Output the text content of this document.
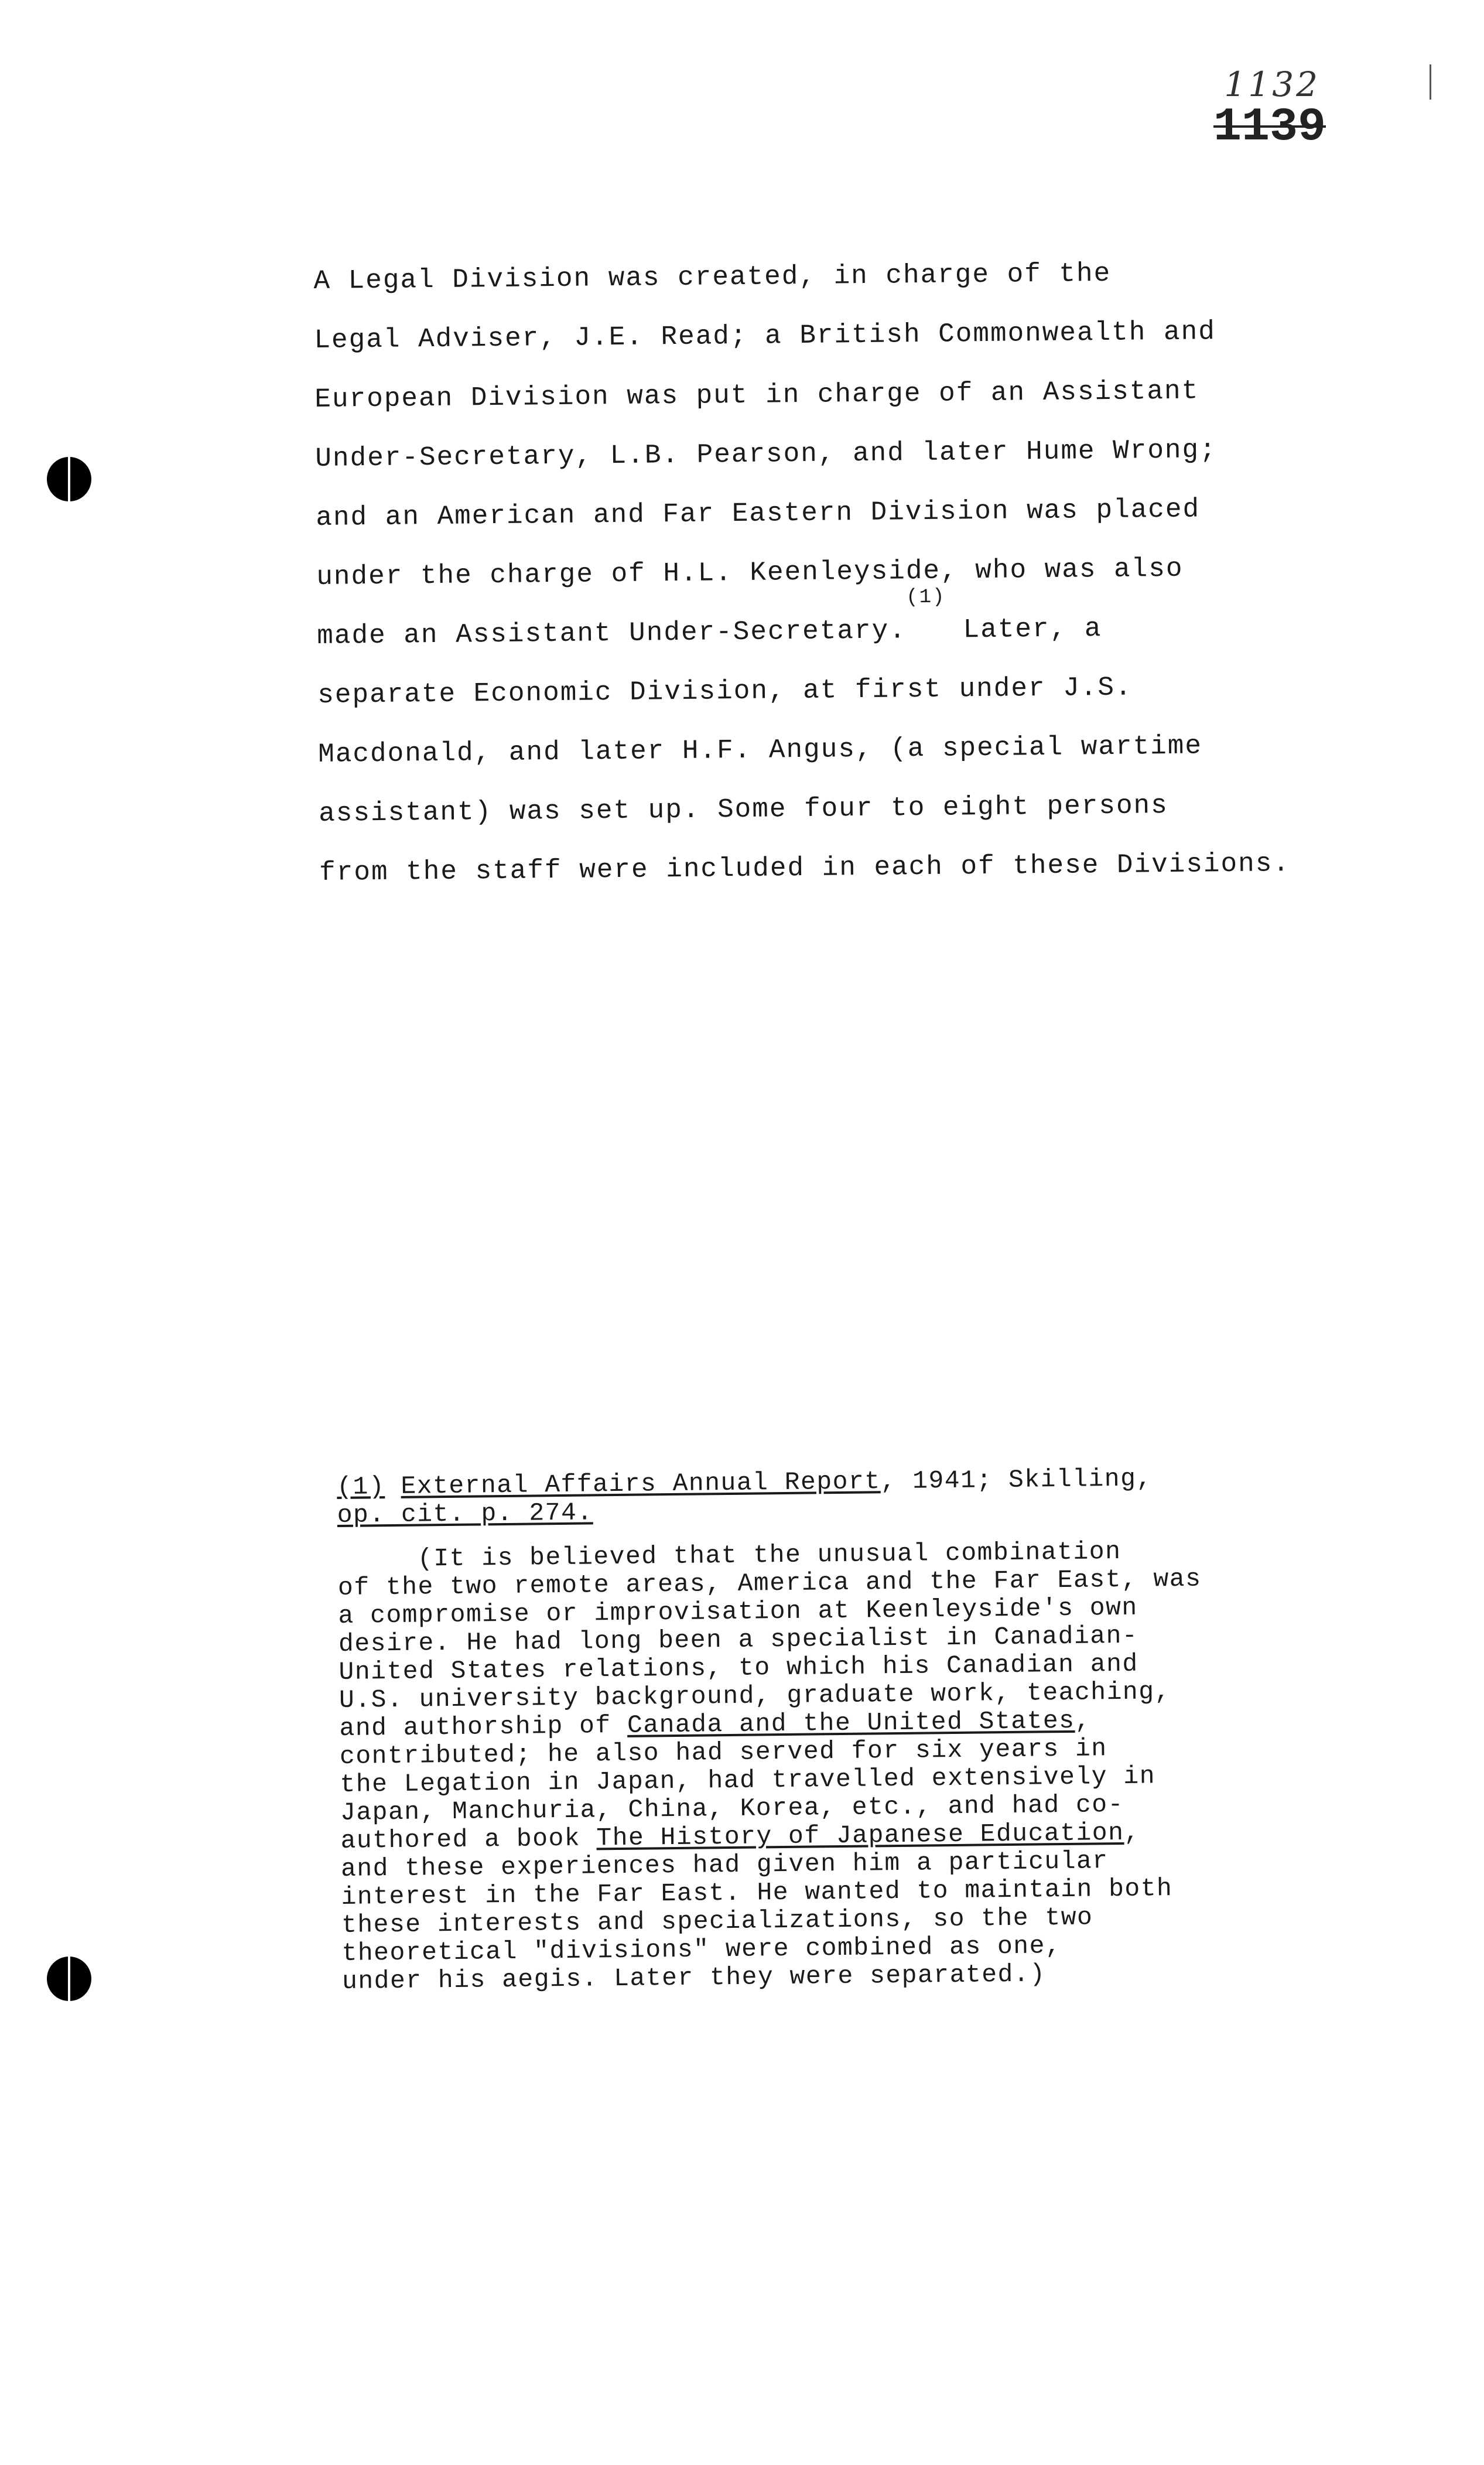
1132
1139
A Legal Division was created, in charge of the
Legal Adviser, J.E. Read; a British Commonwealth and
European Division was put in charge of an Assistant
Under-Secretary, L.B. Pearson, and later Hume Wrong;
and an American and Far Eastern Division was placed
under the charge of H.L. Keenleyside, who was also
made an Assistant Under-Secretary.$^{(1)}$ Later, a
separate Economic Division, at first under J.S.
Macdonald, and later H.F. Angus, (a special wartime
assistant) was set up. Some four to eight persons
from the staff were included in each of these Divisions.
(1) External Affairs Annual Report, 1941; Skilling,
op. cit. p. 274.
(It is believed that the unusual combination
of the two remote areas, America and the Far East, was
a compromise or improvisation at Keenleyside's own
desire. He had long been a specialist in Canadian-
United States relations, to which his Canadian and
U.S. university background, graduate work, teaching,
and authorship of Canada and the United States,
contributed; he also had served for six years in
the Legation in Japan, had travelled extensively in
Japan, Manchuria, China, Korea, etc., and had co-
authored a book The History of Japanese Education,
and these experiences had given him a particular
interest in the Far East. He wanted to maintain both
these interests and specializations, so the two
theoretical "divisions" were combined as one,
under his aegis. Later they were separated.)
